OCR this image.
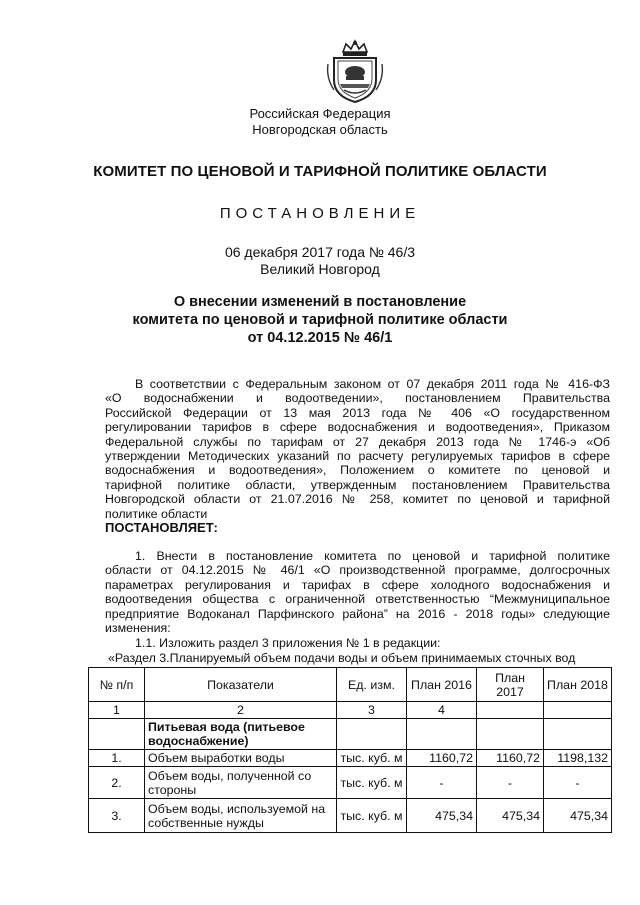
Российская Федерация
Новгородская область
КОМИТЕТ ПО ЦЕНОВОЙ И ТАРИФНОЙ ПОЛИТИКЕ ОБЛАСТИ
ПОСТАНОВЛЕНИЕ
06 декабря 2017 года № 46/3
Великий Новгород
О внесении изменений в постановление
комитета по ценовой и тарифной политике области
от 04.12.2015 № 46/1
В соответствии с Федеральным законом от 07 декабря 2011 года № 416-ФЗ
«О водоснабжении и водоотведении», постановлением Правительства
Российской Федерации от 13 мая 2013 года № 406 «О государственном
регулировании тарифов в сфере водоснабжения и водоотведения», Приказом
Федеральной службы по тарифам от 27 декабря 2013 года № 1746-э «Об
утверждении Методических указаний по расчету регулируемых тарифов в сфере
водоснабжения и водоотведения», Положением о комитете по ценовой и
тарифной политике области, утвержденным постановлением Правительства
Новгородской области от 21.07.2016 № 258, комитет по ценовой и тарифной
политике области
ПОСТАНОВЛЯЕТ:
1. Внести в постановление комитета по ценовой и тарифной политике
области от 04.12.2015 № 46/1 «О производственной программе, долгосрочных
параметрах регулирования и тарифах в сфере холодного водоснабжения и
водоотведения общества с ограниченной ответственностью “Межмуниципальное
предприятие Водоканал Парфинского района” на 2016 - 2018 годы» следующие
изменения:
1.1. Изложить раздел 3 приложения № 1 в редакции:
«Раздел 3.Планируемый объем подачи воды и объем принимаемых сточных вод
№ п/п	Показатели	Ед. изм.	План 2016	План 2017	План 2018
1	2	3	4		
	Питьевая вода (питьевое водоснабжение)				
1.	Объем выработки воды	тыс. куб. м	1160,72	1160,72	1198,132
2.	Объем воды, полученной со стороны	тыс. куб. м	-	-	-
3.	Объем воды, используемой на собственные нужды	тыс. куб. м	475,34	475,34	475,34
